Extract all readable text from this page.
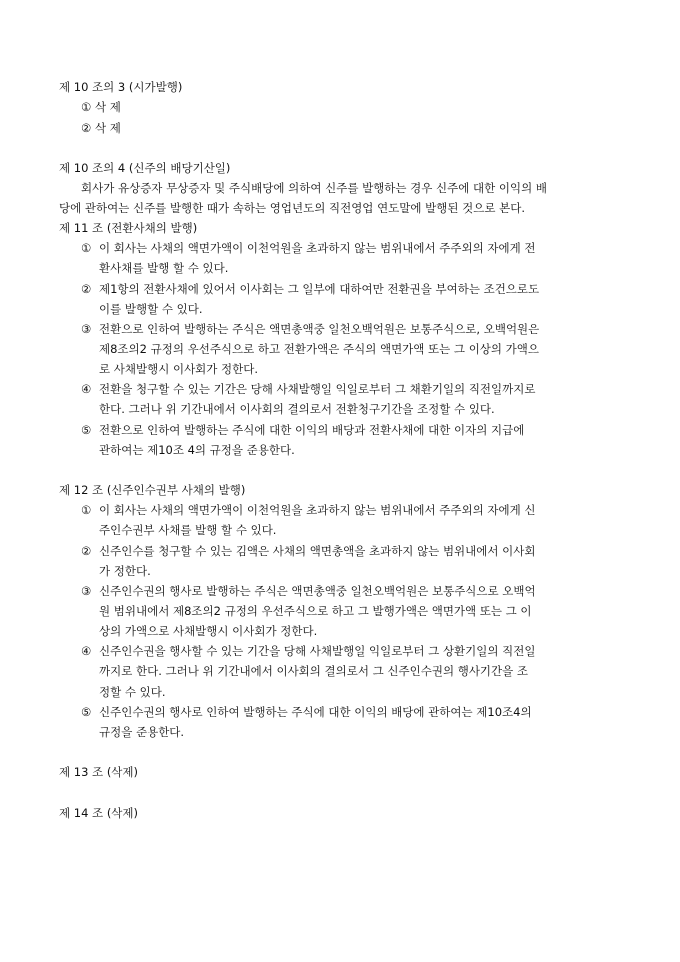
제 10 조의 3 (시가발행)
① 삭 제
② 삭 제
제 10 조의 4 (신주의 배당기산일)
회사가 유상증자 무상증자 및 주식배당에 의하여 신주를 발행하는 경우 신주에 대한 이익의 배
당에 관하여는 신주를 발행한 때가 속하는 영업년도의 직전영업 연도말에 발행된 것으로 본다.
제 11 조 (전환사채의 발행)
① 이 회사는 사채의 액면가액이 이천억원을 초과하지 않는 범위내에서 주주외의 자에게 전
환사채를 발행 할 수 있다.
② 제1항의 전환사채에 있어서 이사회는 그 일부에 대하여만 전환권을 부여하는 조건으로도
이를 발행할 수 있다.
③ 전환으로 인하여 발행하는 주식은 액면총액중 일천오백억원은 보통주식으로, 오백억원은
제8조의2 규정의 우선주식으로 하고 전환가액은 주식의 액면가액 또는 그 이상의 가액으
로 사채발행시 이사회가 정한다.
④ 전환을 청구할 수 있는 기간은 당해 사채발행일 익일로부터 그 채환기일의 직전일까지로
한다. 그러나 위 기간내에서 이사회의 결의로서 전환청구기간을 조정할 수 있다.
⑤ 전환으로 인하여 발행하는 주식에 대한 이익의 배당과 전환사채에 대한 이자의 지급에
관하여는 제10조 4의 규정을 준용한다.
제 12 조 (신주인수권부 사채의 발행)
① 이 회사는 사채의 액면가액이 이천억원을 초과하지 않는 범위내에서 주주외의 자에게 신
주인수권부 사채를 발행 할 수 있다.
② 신주인수를 청구할 수 있는 김액은 사채의 액면총액을 초과하지 않는 범위내에서 이사회
가 정한다.
③ 신주인수권의 행사로 발행하는 주식은 액면총액중 일천오백억원은 보통주식으로 오백억
원 범위내에서 제8조의2 규정의 우선주식으로 하고 그 발행가액은 액면가액 또는 그 이
상의 가액으로 사채발행시 이사회가 정한다.
④ 신주인수권을 행사할 수 있는 기간을 당해 사채발행일 익일로부터 그 상환기일의 직전일
까지로 한다. 그러나 위 기간내에서 이사회의 결의로서 그 신주인수권의 행사기간을 조
정할 수 있다.
⑤ 신주인수권의 행사로 인하여 발행하는 주식에 대한 이익의 배당에 관하여는 제10조4의
규정을 준용한다.
제 13 조 (삭제)
제 14 조 (삭제)
